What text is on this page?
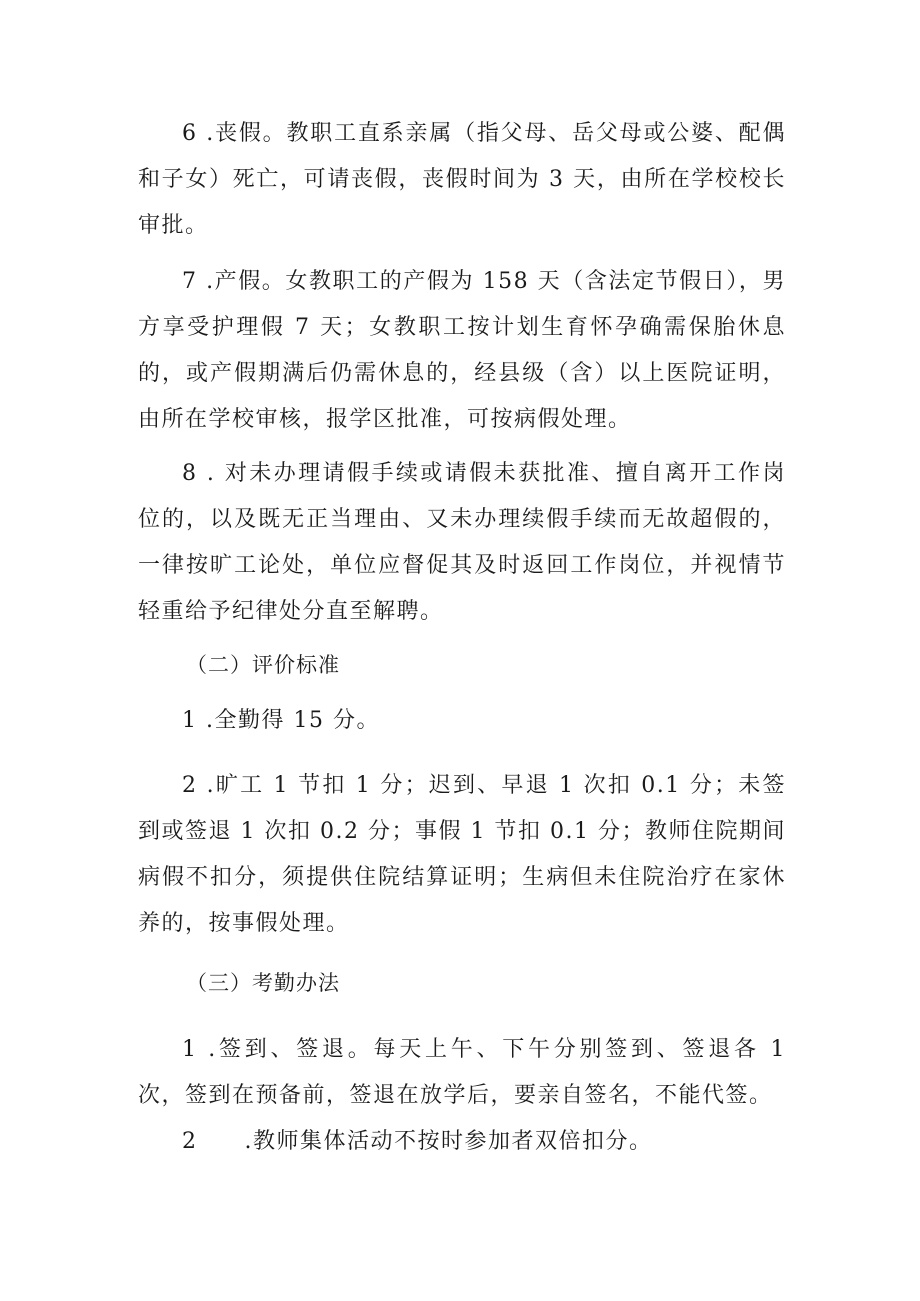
6 .丧假。教职工直系亲属（指父母、岳父母或公婆、配偶和子女）死亡，可请丧假，丧假时间为 3 天，由所在学校校长审批。

7 .产假。女教职工的产假为 158 天（含法定节假日），男方享受护理假 7 天；女教职工按计划生育怀孕确需保胎休息的，或产假期满后仍需休息的，经县级（含）以上医院证明，由所在学校审核，报学区批准，可按病假处理。

8 . 对未办理请假手续或请假未获批准、擅自离开工作岗位的，以及既无正当理由、又未办理续假手续而无故超假的，一律按旷工论处，单位应督促其及时返回工作岗位，并视情节轻重给予纪律处分直至解聘。

（二）评价标准

1 .全勤得 15 分。

2 .旷工 1 节扣 1 分；迟到、早退 1 次扣 0.1 分；未签到或签退 1 次扣 0.2 分；事假 1 节扣 0.1 分；教师住院期间病假不扣分，须提供住院结算证明；生病但未住院治疗在家休养的，按事假处理。

（三）考勤办法

1 .签到、签退。每天上午、下午分别签到、签退各 1 次，签到在预备前，签退在放学后，要亲自签名，不能代签。

2　　.教师集体活动不按时参加者双倍扣分。
